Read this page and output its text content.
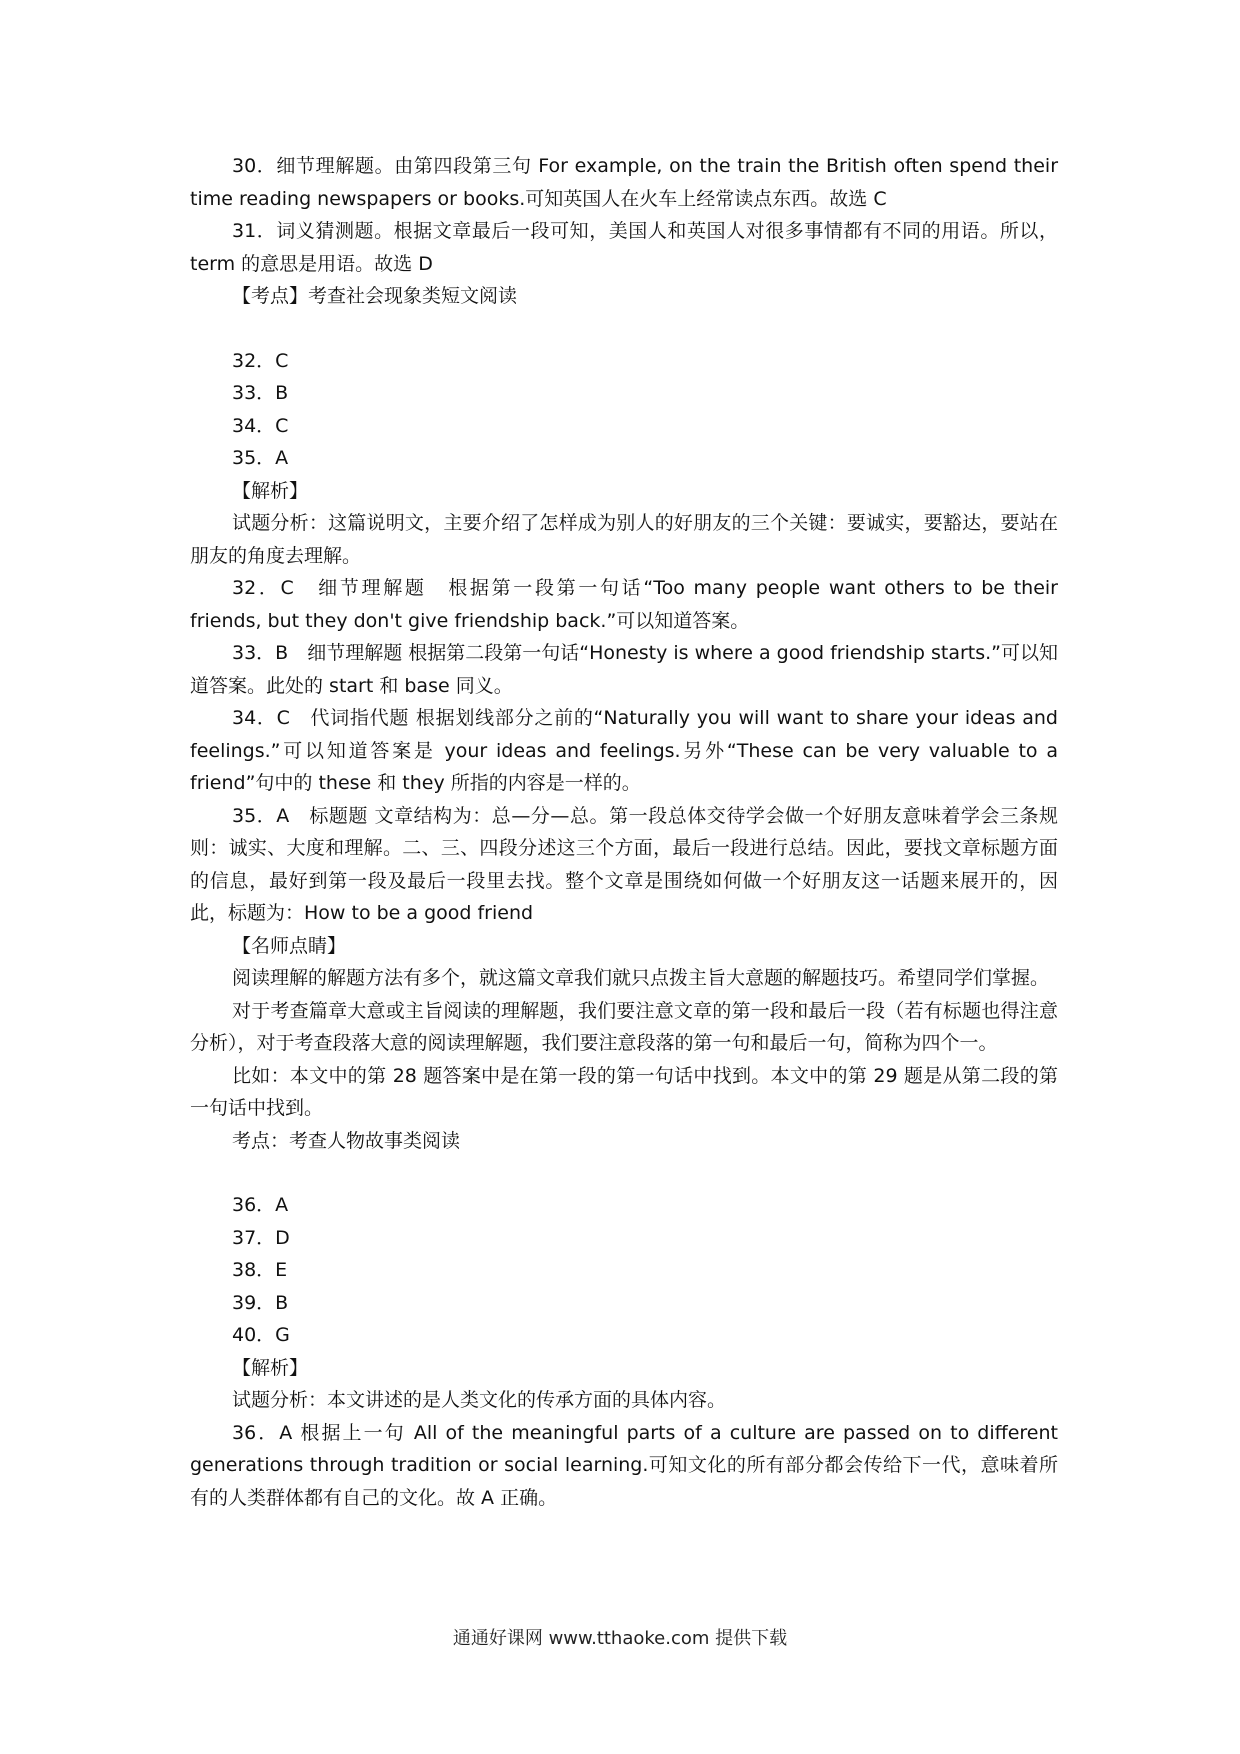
30．细节理解题。由第四段第三句 For example, on the train the British often spend their time reading newspapers or books.可知英国人在火车上经常读点东西。故选 C

31．词义猜测题。根据文章最后一段可知，美国人和英国人对很多事情都有不同的用语。所以，term 的意思是用语。故选 D

【考点】考查社会现象类短文阅读

32．C

33．B

34．C

35．A

【解析】

试题分析：这篇说明文，主要介绍了怎样成为别人的好朋友的三个关键：要诚实，要豁达，要站在朋友的角度去理解。

32．C　细节理解题　根据第一段第一句话“Too many people want others to be their friends, but they don't give friendship back.”可以知道答案。

33．B　细节理解题 根据第二段第一句话“Honesty is where a good friendship starts.”可以知道答案。此处的 start 和 base 同义。

34．C　代词指代题 根据划线部分之前的“Naturally you will want to share your ideas and feelings.”可以知道答案是 your ideas and feelings.另外“These can be very valuable to a friend”句中的 these 和 they 所指的内容是一样的。

35．A　标题题 文章结构为：总—分—总。第一段总体交待学会做一个好朋友意味着学会三条规则：诚实、大度和理解。二、三、四段分述这三个方面，最后一段进行总结。因此，要找文章标题方面的信息，最好到第一段及最后一段里去找。整个文章是围绕如何做一个好朋友这一话题来展开的，因此，标题为：How to be a good friend

【名师点睛】

阅读理解的解题方法有多个，就这篇文章我们就只点拨主旨大意题的解题技巧。希望同学们掌握。

对于考查篇章大意或主旨阅读的理解题，我们要注意文章的第一段和最后一段（若有标题也得注意分析），对于考查段落大意的阅读理解题，我们要注意段落的第一句和最后一句，简称为四个一。

比如：本文中的第 28 题答案中是在第一段的第一句话中找到。本文中的第 29 题是从第二段的第一句话中找到。

考点：考查人物故事类阅读

36．A

37．D

38．E

39．B

40．G

【解析】

试题分析：本文讲述的是人类文化的传承方面的具体内容。

36．A 根据上一句 All of the meaningful parts of a culture are passed on to different generations through tradition or social learning.可知文化的所有部分都会传给下一代，意味着所有的人类群体都有自己的文化。故 A 正确。

通通好课网 www.tthaoke.com 提供下载
